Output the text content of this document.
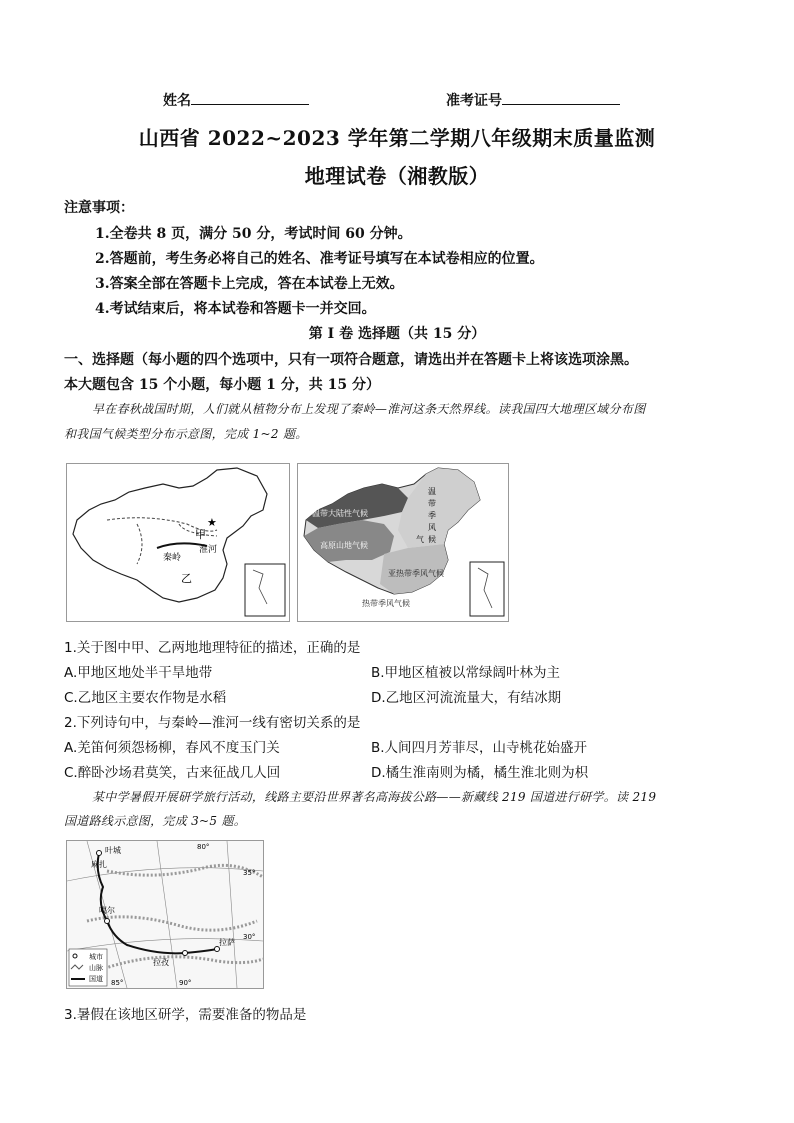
姓名	准考证号
山西省 2022~2023 学年第二学期八年级期末质量监测
地理试卷（湘教版）
注意事项：
1.全卷共 8 页，满分 50 分，考试时间 60 分钟。
2.答题前，考生务必将自己的姓名、准考证号填写在本试卷相应的位置。
3.答案全部在答题卡上完成，答在本试卷上无效。
4.考试结束后，将本试卷和答题卡一并交回。
第 I 卷 选择题（共 15 分）
一、选择题（每小题的四个选项中，只有一项符合题意，请选出并在答题卡上将该选项涂黑。
本大题包含 15 个小题，每小题 1 分，共 15 分）
早在春秋战国时期，人们就从植物分布上发现了秦岭—淮河这条天然界线。读我国四大地理区域分布图
和我国气候类型分布示意图，完成 1~2 题。
甲
★
秦岭
淮河
乙
温带大陆性气候
高原山地气候
亚热带季风气候
热带季风气候
温
带
季
风
气 候
1.关于图中甲、乙两地地理特征的描述，正确的是
A.甲地区地处半干旱地带	B.甲地区植被以常绿阔叶林为主
C.乙地区主要农作物是水稻	D.乙地区河流流量大，有结冰期
2.下列诗句中，与秦岭—淮河一线有密切关系的是
A.羌笛何须怨杨柳，春风不度玉门关	B.人间四月芳菲尽，山寺桃花始盛开
C.醉卧沙场君莫笑，古来征战几人回	D.橘生淮南则为橘，橘生淮北则为枳
某中学暑假开展研学旅行活动，线路主要沿世界著名高海拔公路——新藏线 219 国道进行研学。读 219
国道路线示意图，完成 3~5 题。
叶城
麻扎
噶尔
拉孜
拉萨
80°
85°	90°
35°
30°
城市
山脉
国道
3.暑假在该地区研学，需要准备的物品是
